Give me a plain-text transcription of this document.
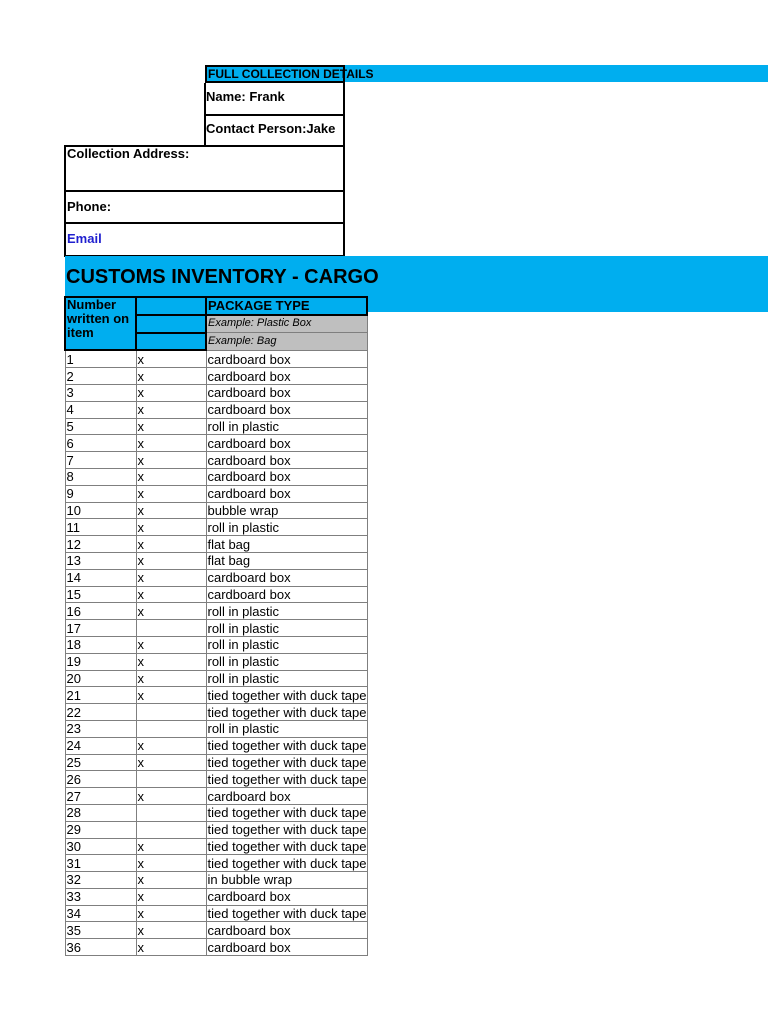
FULL COLLECTION DETAILS
Name: Frank
Contact Person:Jake
Collection Address:
Phone:
Email
CUSTOMS INVENTORY - CARGO
Number written on item		PACKAGE TYPE
		Example: Plastic Box
		Example: Bag
1	x	cardboard box
2	x	cardboard box
3	x	cardboard box
4	x	cardboard box
5	x	roll in plastic
6	x	cardboard box
7	x	cardboard box
8	x	cardboard box
9	x	cardboard box
10	x	bubble wrap
11	x	roll in plastic
12	x	flat bag
13	x	flat bag
14	x	cardboard box
15	x	cardboard box
16	x	roll in plastic
17		roll in plastic
18	x	roll in plastic
19	x	roll in plastic
20	x	roll in plastic
21	x	tied together with duck tape
22		tied together with duck tape
23		roll in plastic
24	x	tied together with duck tape
25	x	tied together with duck tape
26		tied together with duck tape
27	x	cardboard box
28		tied together with duck tape
29		tied together with duck tape
30	x	tied together with duck tape
31	x	tied together with duck tape
32	x	in bubble wrap
33	x	cardboard box
34	x	tied together with duck tape
35	x	cardboard box
36	x	cardboard box
